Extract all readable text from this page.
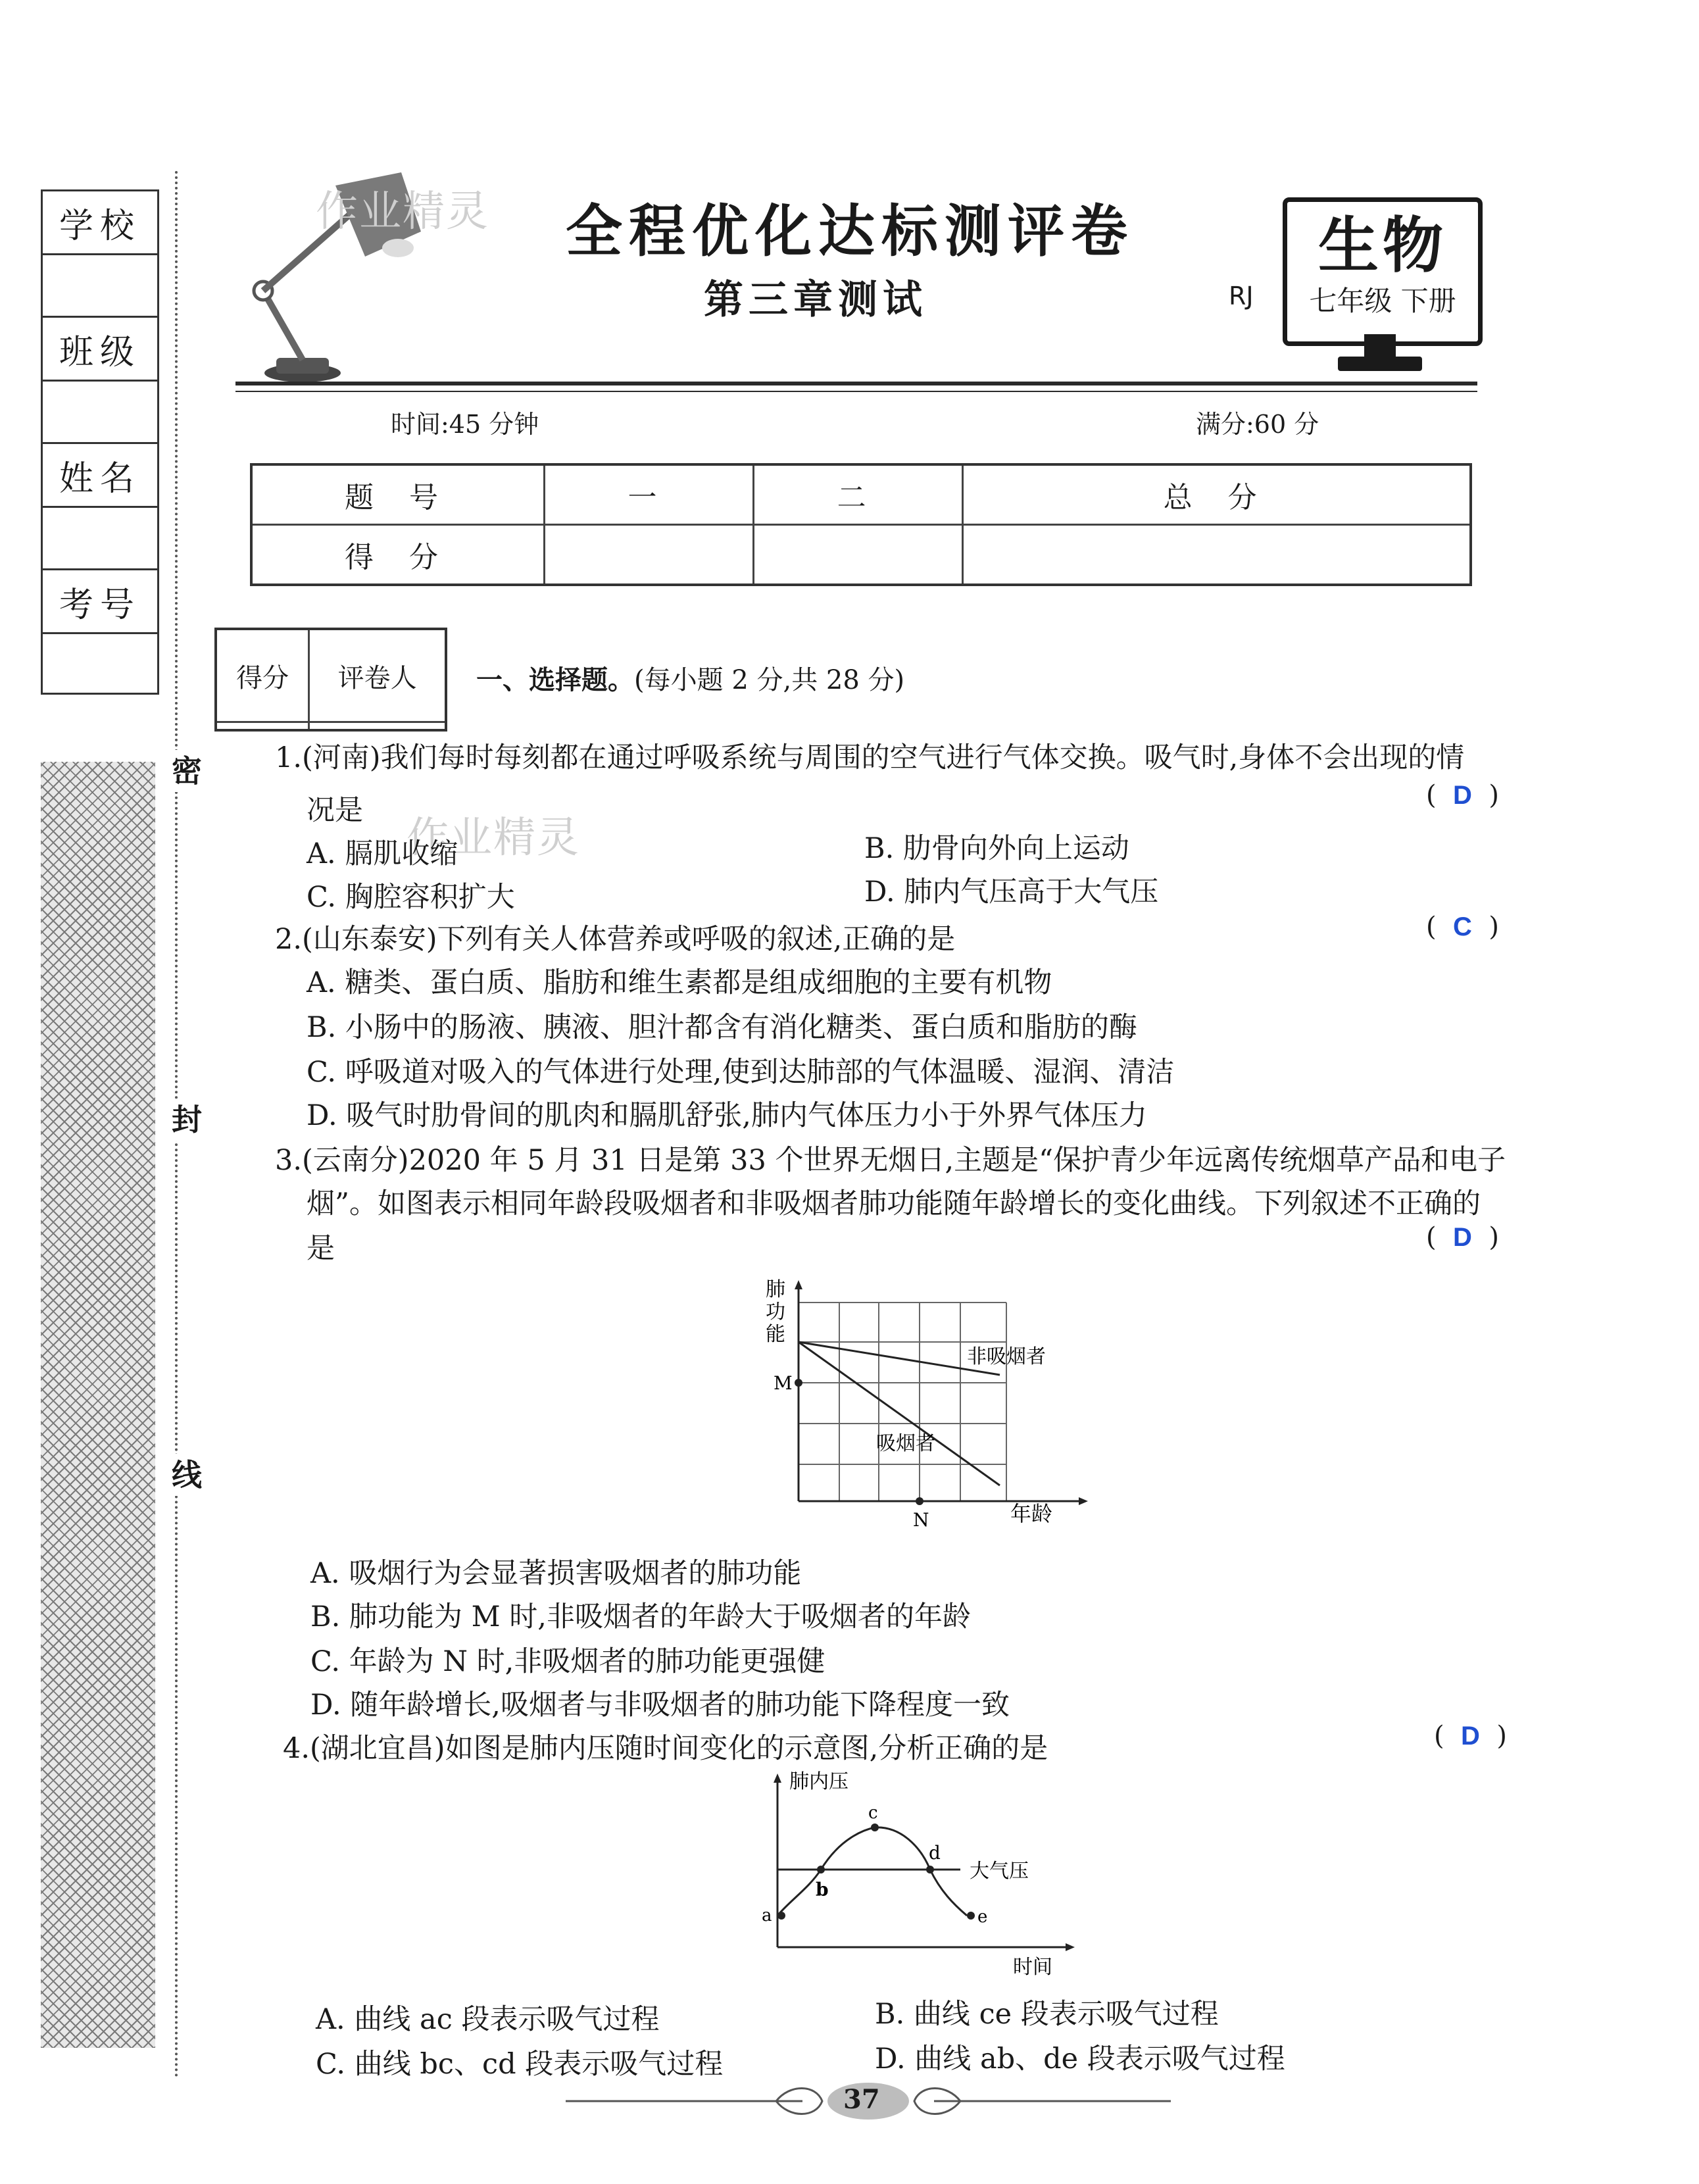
学校
班级
姓名
考号
密
封
线
作业精灵 全程优化达标测评卷
第三章测试	RJ
生物
七年级 下册
时间:45 分钟	满分:60 分
题 号	一	二	总 分
得 分			
得分	评卷人
	一、选择题。(每小题 2 分,共 28 分)
1.(河南)我们每时每刻都在通过呼吸系统与周围的空气进行气体交换。吸气时,身体不会出现的情
况是	(  D  )
作业精灵
A. 膈肌收缩	B. 肋骨向外向上运动
C. 胸腔容积扩大	D. 肺内气压高于大气压
2.(山东泰安)下列有关人体营养或呼吸的叙述,正确的是	(  C  )
A. 糖类、蛋白质、脂肪和维生素都是组成细胞的主要有机物
B. 小肠中的肠液、胰液、胆汁都含有消化糖类、蛋白质和脂肪的酶
C. 呼吸道对吸入的气体进行处理,使到达肺部的气体温暖、湿润、清洁
D. 吸气时肋骨间的肌肉和膈肌舒张,肺内气体压力小于外界气体压力
3.(云南分)2020 年 5 月 31 日是第 33 个世界无烟日,主题是“保护青少年远离传统烟草产品和电子
烟”。如图表示相同年龄段吸烟者和非吸烟者肺功能随年龄增长的变化曲线。下列叙述不正确的
是	(  D  )
肺
功
能
M
N	年龄
非吸烟者
吸烟者
A. 吸烟行为会显著损害吸烟者的肺功能
B. 肺功能为 M 时,非吸烟者的年龄大于吸烟者的年龄
C. 年龄为 N 时,非吸烟者的肺功能更强健
D. 随年龄增长,吸烟者与非吸烟者的肺功能下降程度一致
4.(湖北宜昌)如图是肺内压随时间变化的示意图,分析正确的是	(  D  )
肺内压
时间
大气压
a
b
c
d
e
A. 曲线 ac 段表示吸气过程	B. 曲线 ce 段表示吸气过程
C. 曲线 bc、cd 段表示吸气过程	D. 曲线 ab、de 段表示吸气过程
37
